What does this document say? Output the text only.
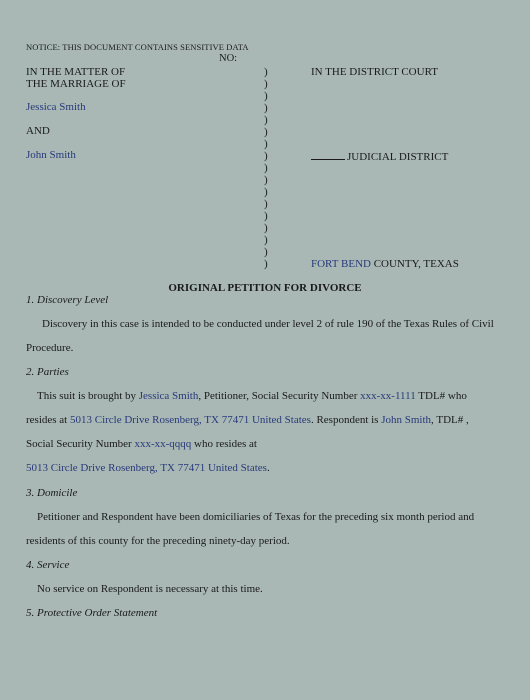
NOTICE: THIS DOCUMENT CONTAINS SENSITIVE DATA
NO:
IN THE MATTER OF
THE MARRIAGE OF
Jessica Smith
AND
John Smith
)
)
)
)
)
)
)
)
)
)
)
)
)
)
)
)
)
IN THE DISTRICT COURT
JUDICIAL DISTRICT
FORT BEND COUNTY, TEXAS
ORIGINAL PETITION FOR DIVORCE
1. Discovery Level
Discovery in this case is intended to be conducted under level 2 of rule 190 of the Texas Rules of Civil
Procedure.
2. Parties
This suit is brought by Jessica Smith, Petitioner, Social Security Number xxx-xx-1111 TDL# who
resides at 5013 Circle Drive Rosenberg, TX 77471 United States. Respondent is John Smith, TDL# ,
Social Security Number xxx-xx-qqqq who resides at
5013 Circle Drive Rosenberg, TX 77471 United States.
3. Domicile
Petitioner and Respondent have been domiciliaries of Texas for the preceding six month period and
residents of this county for the preceding ninety-day period.
4. Service
No service on Respondent is necessary at this time.
5. Protective Order Statement
